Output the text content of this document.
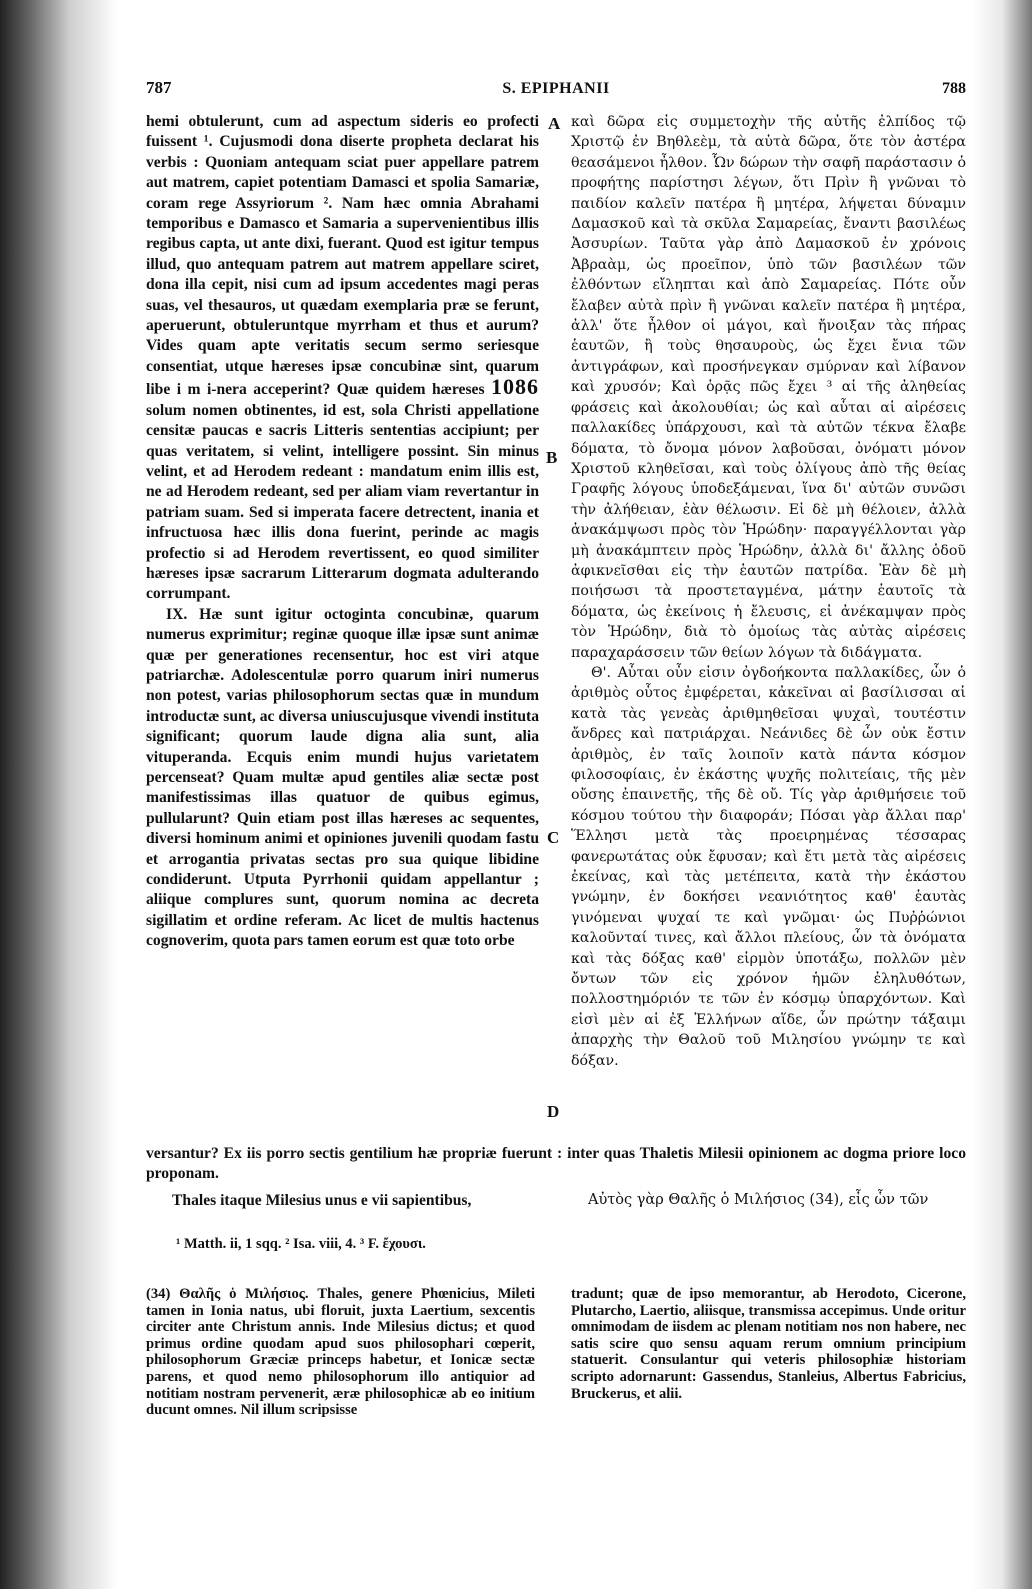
787	S. EPIPHANII	788

hemi obtulerunt, cum ad aspectum sideris eo profecti fuissent ¹. Cujusmodi dona diserte propheta declarat his verbis : Quoniam antequam sciat puer appellare patrem aut matrem, capiet potentiam Damasci et spolia Samariæ, coram rege Assyriorum ². Nam hæc omnia Abrahami temporibus e Damasco et Samaria a supervenientibus illis regibus capta, ut ante dixi, fuerant. Quod est igitur tempus illud, quo antequam patrem aut matrem appellare sciret, dona illa cepit, nisi cum ad ipsum accedentes magi peras suas, vel thesauros, ut quædam exemplaria præ se ferunt, aperuerunt, obtuleruntque myrrham et thus et aurum? Vides quam apte veritatis secum sermo seriesque consentiat, utque hæreses ipsæ concubinæ sint, quarum libe i m i-nera acceperint? Quæ quidem hæreses 1086 solum nomen obtinentes, id est, sola Christi appellatione censitæ paucas e sacris Litteris sententias accipiunt; per quas veritatem, si velint, intelligere possint. Sin minus velint, et ad Herodem redeant : mandatum enim illis est, ne ad Herodem redeant, sed per aliam viam revertantur in patriam suam. Sed si imperata facere detrectent, inania et infructuosa hæc illis dona fuerint, perinde ac magis profectio si ad Herodem revertissent, eo quod similiter hæreses ipsæ sacrarum Litterarum dogmata adulterando corrumpant.

IX. Hæ sunt igitur octoginta concubinæ, quarum numerus exprimitur; reginæ quoque illæ ipsæ sunt animæ quæ per generationes recensentur, hoc est viri atque patriarchæ. Adolescentulæ porro quarum iniri numerus non potest, varias philosophorum sectas quæ in mundum introductæ sunt, ac diversa uniuscujusque vivendi instituta significant; quorum laude digna alia sunt, alia vituperanda. Ecquis enim mundi hujus varietatem percenseat? Quam multæ apud gentiles aliæ sectæ post manifestissimas illas quatuor de quibus egimus, pullularunt? Quin etiam post illas hæreses ac sequentes, diversi hominum animi et opiniones juvenili quodam fastu et arrogantia privatas sectas pro sua quique libidine condiderunt. Utputa Pyrrhonii quidam appellantur ; aliique complures sunt, quorum nomina ac decreta sigillatim et ordine referam. Ac licet de multis hactenus cognoverim, quota pars tamen eorum est quæ toto orbe

A
B
C
D

καὶ δῶρα εἰς συμμετοχὴν τῆς αὐτῆς ἐλπίδος τῷ Χριστῷ ἐν Βηθλεὲμ, τὰ αὐτὰ δῶρα, ὅτε τὸν ἀστέρα θεασάμενοι ἦλθον. Ὧν δώρων τὴν σαφῆ παράστασιν ὁ προφήτης παρίστησι λέγων, ὅτι Πρὶν ἢ γνῶναι τὸ παιδίον καλεῖν πατέρα ἢ μητέρα, λήψεται δύναμιν Δαμασκοῦ καὶ τὰ σκῦλα Σαμαρείας, ἔναντι βασιλέως Ἀσσυρίων. Ταῦτα γὰρ ἀπὸ Δαμασκοῦ ἐν χρόνοις Ἀβραὰμ, ὡς προεῖπον, ὑπὸ τῶν βασιλέων τῶν ἐλθόντων εἴληπται καὶ ἀπὸ Σαμαρείας. Πότε οὖν ἔλαβεν αὐτὰ πρὶν ἢ γνῶναι καλεῖν πατέρα ἢ μητέρα, ἀλλ' ὅτε ἦλθον οἱ μάγοι, καὶ ἤνοιξαν τὰς πήρας ἑαυτῶν, ἢ τοὺς θησαυροὺς, ὡς ἔχει ἔνια τῶν ἀντιγράφων, καὶ προσήνεγκαν σμύρναν καὶ λίβανον καὶ χρυσόν; Καὶ ὁρᾷς πῶς ἔχει ³ αἱ τῆς ἀληθείας φράσεις καὶ ἀκολουθίαι; ὡς καὶ αὗται αἱ αἱρέσεις παλλακίδες ὑπάρχουσι, καὶ τὰ αὐτῶν τέκνα ἔλαβε δόματα, τὸ ὄνομα μόνον λαβοῦσαι, ὀνόματι μόνον Χριστοῦ κληθεῖσαι, καὶ τοὺς ὀλίγους ἀπὸ τῆς θείας Γραφῆς λόγους ὑποδεξάμεναι, ἵνα δι' αὐτῶν συνῶσι τὴν ἀλήθειαν, ἐὰν θέλωσιν. Εἰ δὲ μὴ θέλοιεν, ἀλλὰ ἀνακάμψωσι πρὸς τὸν Ἡρώδην· παραγγέλλονται γὰρ μὴ ἀνακάμπτειν πρὸς Ἡρώδην, ἀλλὰ δι' ἄλλης ὁδοῦ ἀφικνεῖσθαι εἰς τὴν ἑαυτῶν πατρίδα. Ἐὰν δὲ μὴ ποιήσωσι τὰ προστεταγμένα, μάτην ἑαυτοῖς τὰ δόματα, ὡς ἐκείνοις ἡ ἔλευσις, εἰ ἀνέκαμψαν πρὸς τὸν Ἡρώδην, διὰ τὸ ὁμοίως τὰς αὐτὰς αἱρέσεις παραχαράσσειν τῶν θείων λόγων τὰ διδάγματα.

Θ'. Αὗται οὖν εἰσιν ὀγδοήκοντα παλλακίδες, ὧν ὁ ἀριθμὸς οὗτος ἐμφέρεται, κἀκεῖναι αἱ βασίλισσαι αἱ κατὰ τὰς γενεὰς ἀριθμηθεῖσαι ψυχαὶ, τουτέστιν ἄνδρες καὶ πατριάρχαι. Νεάνιδες δὲ ὧν οὐκ ἔστιν ἀριθμὸς, ἐν ταῖς λοιποῖν κατὰ πάντα κόσμον φιλοσοφίαις, ἐν ἑκάστης ψυχῆς πολιτείαις, τῆς μὲν οὔσης ἐπαινετῆς, τῆς δὲ οὔ. Τίς γὰρ ἀριθμήσειε τοῦ κόσμου τούτου τὴν διαφοράν; Πόσαι γὰρ ἄλλαι παρ' Ἕλλησι μετὰ τὰς προειρημένας τέσσαρας φανερωτάτας οὐκ ἔφυσαν; καὶ ἔτι μετὰ τὰς αἱρέσεις ἐκείνας, καὶ τὰς μετέπειτα, κατὰ τὴν ἑκάστου γνώμην, ἐν δοκήσει νεανιότητος καθ' ἑαυτὰς γινόμεναι ψυχαί τε καὶ γνῶμαι· ὡς Πυῤῥώνιοι καλοῦνταί τινες, καὶ ἄλλοι πλείους, ὧν τὰ ὀνόματα καὶ τὰς δόξας καθ' εἱρμὸν ὑποτάξω, πολλῶν μὲν ὄντων τῶν εἰς χρόνον ἡμῶν ἐληλυθότων, πολλοστημόριόν τε τῶν ἐν κόσμῳ ὑπαρχόντων. Καὶ εἰσὶ μὲν αἱ ἐξ Ἑλλήνων αἵδε, ὧν πρώτην τάξαιμι ἀπαρχὴς τὴν Θαλοῦ τοῦ Μιλησίου γνώμην τε καὶ δόξαν.

versantur? Ex iis porro sectis gentilium hæ propriæ fuerunt : inter quas Thaletis Milesii opinionem ac dogma priore loco proponam.
Thales itaque Milesius unus e vii sapientibus,	Αὐτὸς γὰρ Θαλῆς ὁ Μιλήσιος (34), εἷς ὧν τῶν
¹ Matth. ii, 1 sqq. ² Isa. viii, 4. ³ F. ἔχουσι.

(34) Θαλῆς ὁ Μιλήσιος. Thales, genere Phœnicius, Mileti tamen in Ionia natus, ubi floruit, juxta Laertium, sexcentis circiter ante Christum annis. Inde Milesius dictus; et quod primus ordine quodam apud suos philosophari cœperit, philosophorum Græciæ princeps habetur, et Ionicæ sectæ parens, et quod nemo philosophorum illo antiquior ad notitiam nostram pervenerit, æræ philosophicæ ab eo initium ducunt omnes. Nil illum scripsisse

tradunt; quæ de ipso memorantur, ab Herodoto, Cicerone, Plutarcho, Laertio, aliisque, transmissa accepimus. Unde oritur omnimodam de iisdem ac plenam notitiam nos non habere, nec satis scire quo sensu aquam rerum omnium principium statuerit. Consulantur qui veteris philosophiæ historiam scripto adornarunt: Gassendus, Stanleius, Albertus Fabricius, Bruckerus, et alii.
